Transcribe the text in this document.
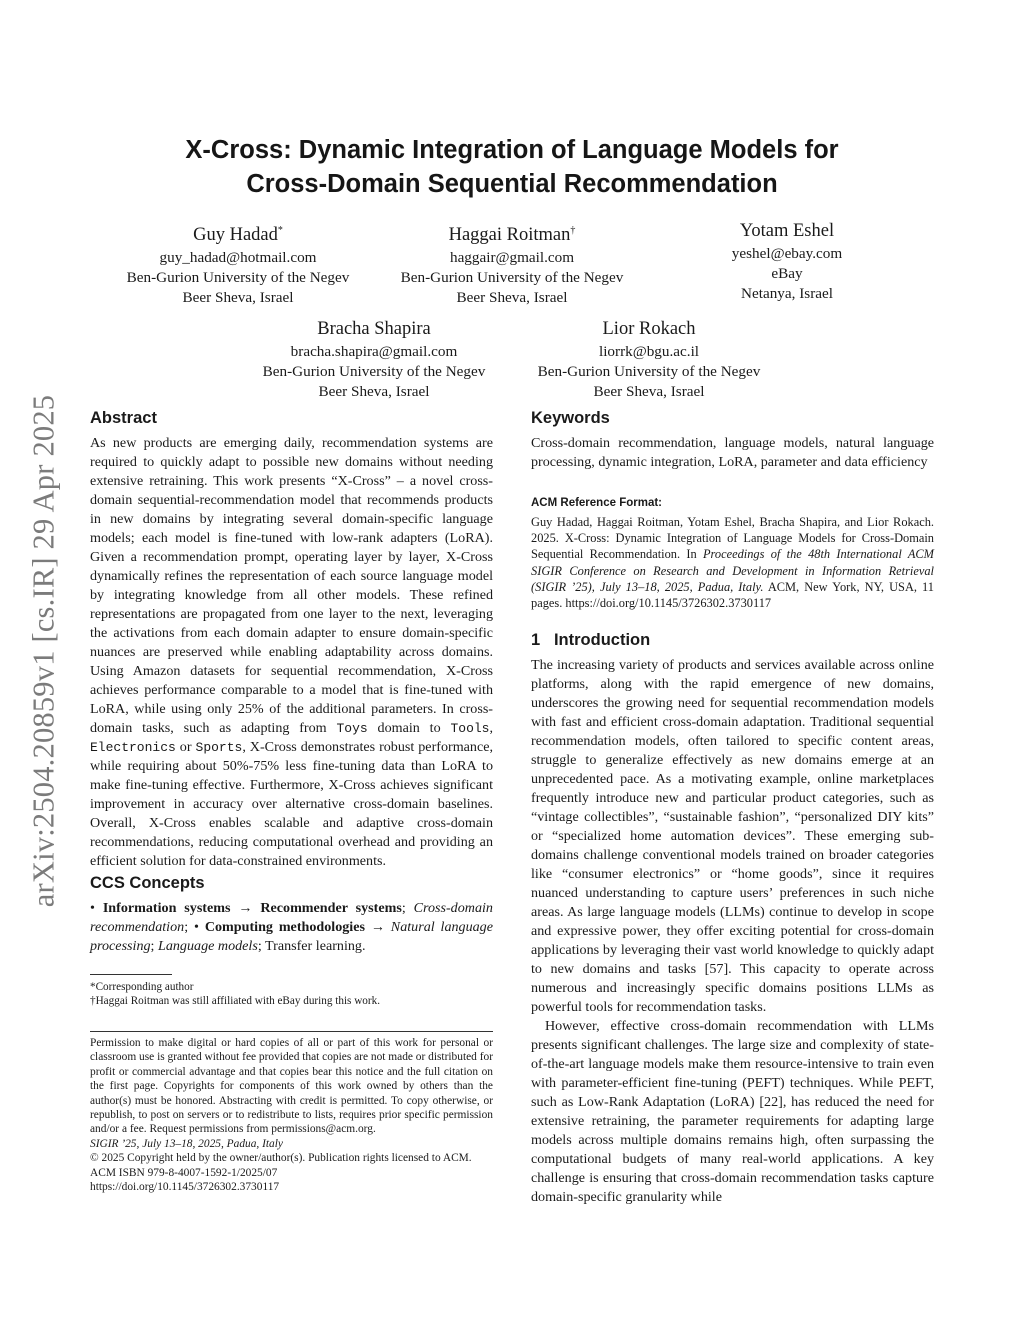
arXiv:2504.20859v1 [cs.IR] 29 Apr 2025
X-Cross: Dynamic Integration of Language Models for
Cross-Domain Sequential Recommendation
Guy Hadad*
guy_hadad@hotmail.com
Ben-Gurion University of the Negev
Beer Sheva, Israel
Haggai Roitman†
haggair@gmail.com
Ben-Gurion University of the Negev
Beer Sheva, Israel
Yotam Eshel
yeshel@ebay.com
eBay
Netanya, Israel
Bracha Shapira
bracha.shapira@gmail.com
Ben-Gurion University of the Negev
Beer Sheva, Israel
Lior Rokach
liorrk@bgu.ac.il
Ben-Gurion University of the Negev
Beer Sheva, Israel
Abstract
As new products are emerging daily, recommendation systems are required to quickly adapt to possible new domains without needing extensive retraining. This work presents “X-Cross” – a novel cross-domain sequential-recommendation model that recommends products in new domains by integrating several domain-specific language models; each model is fine-tuned with low-rank adapters (LoRA). Given a recommendation prompt, operating layer by layer, X-Cross dynamically refines the representation of each source language model by integrating knowledge from all other models. These refined representations are propagated from one layer to the next, leveraging the activations from each domain adapter to ensure domain-specific nuances are preserved while enabling adaptability across domains. Using Amazon datasets for sequential recommendation, X-Cross achieves performance comparable to a model that is fine-tuned with LoRA, while using only 25% of the additional parameters. In cross-domain tasks, such as adapting from Toys domain to Tools, Electronics or Sports, X-Cross demonstrates robust performance, while requiring about 50%-75% less fine-tuning data than LoRA to make fine-tuning effective. Furthermore, X-Cross achieves significant improvement in accuracy over alternative cross-domain baselines. Overall, X-Cross enables scalable and adaptive cross-domain recommendations, reducing computational overhead and providing an efficient solution for data-constrained environments.
CCS Concepts
• Information systems → Recommender systems; Cross-domain recommendation; • Computing methodologies → Natural language processing; Language models; Transfer learning.
*Corresponding author
†Haggai Roitman was still affiliated with eBay during this work.
Permission to make digital or hard copies of all or part of this work for personal or classroom use is granted without fee provided that copies are not made or distributed for profit or commercial advantage and that copies bear this notice and the full citation on the first page. Copyrights for components of this work owned by others than the author(s) must be honored. Abstracting with credit is permitted. To copy otherwise, or republish, to post on servers or to redistribute to lists, requires prior specific permission and/or a fee. Request permissions from permissions@acm.org.
SIGIR ’25, July 13–18, 2025, Padua, Italy
© 2025 Copyright held by the owner/author(s). Publication rights licensed to ACM.
ACM ISBN 979-8-4007-1592-1/2025/07
https://doi.org/10.1145/3726302.3730117
Keywords
Cross-domain recommendation, language models, natural language processing, dynamic integration, LoRA, parameter and data efficiency
ACM Reference Format:
Guy Hadad, Haggai Roitman, Yotam Eshel, Bracha Shapira, and Lior Rokach. 2025. X-Cross: Dynamic Integration of Language Models for Cross-Domain Sequential Recommendation. In Proceedings of the 48th International ACM SIGIR Conference on Research and Development in Information Retrieval (SIGIR ’25), July 13–18, 2025, Padua, Italy. ACM, New York, NY, USA, 11 pages. https://doi.org/10.1145/3726302.3730117
1 Introduction
The increasing variety of products and services available across online platforms, along with the rapid emergence of new domains, underscores the growing need for sequential recommendation models with fast and efficient cross-domain adaptation. Traditional sequential recommendation models, often tailored to specific content areas, struggle to generalize effectively as new domains emerge at an unprecedented pace. As a motivating example, online marketplaces frequently introduce new and particular product categories, such as “vintage collectibles”, “sustainable fashion”, “personalized DIY kits” or “specialized home automation devices”. These emerging sub-domains challenge conventional models trained on broader categories like “consumer electronics” or “home goods”, since it requires nuanced understanding to capture users’ preferences in such niche areas. As large language models (LLMs) continue to develop in scope and expressive power, they offer exciting potential for cross-domain applications by leveraging their vast world knowledge to quickly adapt to new domains and tasks [57]. This capacity to operate across numerous and increasingly specific domains positions LLMs as powerful tools for recommendation tasks.
However, effective cross-domain recommendation with LLMs presents significant challenges. The large size and complexity of state-of-the-art language models make them resource-intensive to train even with parameter-efficient fine-tuning (PEFT) techniques. While PEFT, such as Low-Rank Adaptation (LoRA) [22], has reduced the need for extensive retraining, the parameter requirements for adapting large models across multiple domains remains high, often surpassing the computational budgets of many real-world applications. A key challenge is ensuring that cross-domain recommendation tasks capture domain-specific granularity while
